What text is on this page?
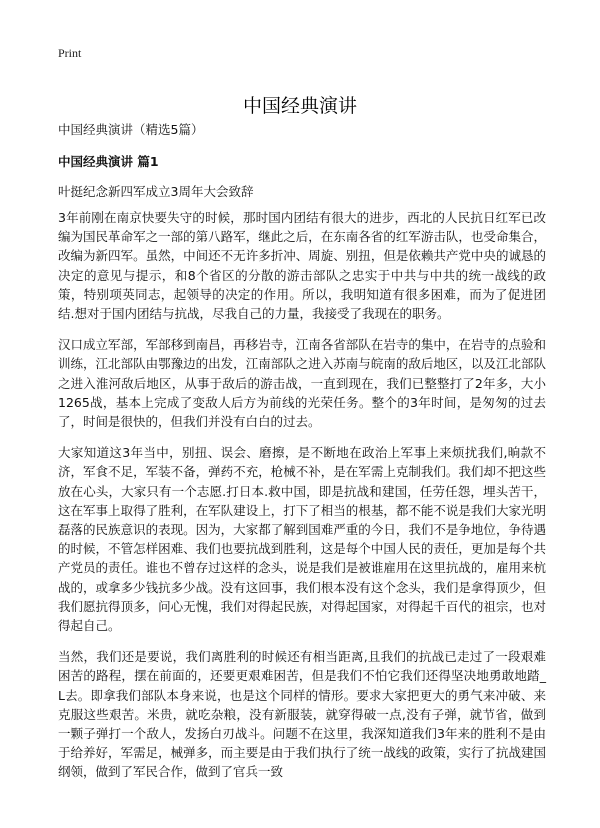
Print
中国经典演讲
中国经典演讲（精选5篇）
中国经典演讲 篇1
叶挺纪念新四军成立3周年大会致辞

3年前刚在南京快要失守的时候，那时国内团结有很大的进步，西北的人民抗日红军已改编为国民革命军之一部的第八路军，继此之后，在东南各省的红军游击队，也受命集合，改编为新四军。虽然，中间还不无许多折冲、周旋、别扭，但是依赖共产党中央的诚恳的决定的意见与提示，和8个省区的分散的游击部队之忠实于中共与中共的统一战线的政策，特别项英同志，起领导的决定的作用。所以，我明知道有很多困难，而为了促进团结.想对于国内团结与抗战，尽我自己的力量，我接受了我现在的职务。

汉口成立军部，军部移到南昌，再移岩寺，江南各省部队在岩寺的集中，在岩寺的点验和训练，江北部队由鄂豫边的出发，江南部队之进入苏南与皖南的敌后地区，以及江北部队之进入淮河敌后地区，从事于敌后的游击战，一直到现在，我们已整整打了2年多，大小1265战，基本上完成了变敌人后方为前线的光荣任务。整个的3年时间，是匆匆的过去了，时间是很快的，但我们并没有白白的过去。

大家知道这3年当中，别扭、误会、磨擦，是不断地在政治上军事上来烦扰我们,晌款不济，军食不足，军装不备，弹药不充，枪械不补，是在军需上克制我们。我们却不把这些放在心头，大家只有一个志愿.打日本.救中国，即是抗战和建国，任劳任怨，埋头苦干，这在军事上取得了胜利，在军队建设上，打下了相当的根基，都不能不说是我们大家光明磊落的民族意识的表现。因为，大家都了解到国难严重的今日，我们不是争地位，争待遇的时候，不管怎样困难、我们也要抗战到胜利，这是每个中国人民的责任，更加是每个共产党员的责任。谁也不曾存过这样的念头，说是我们是被谁雇用在这里抗战的，雇用来杭战的，或拿多少钱抗多少战。没有这回事，我们根本没有这个念头，我们是拿得顶少，但我们愿抗得顶多，问心无愧，我们对得起民族，对得起国家，对得起千百代的祖宗，也对得起自己。

当然，我们还是要说，我们离胜利的时候还有相当距离,且我们的抗战已走过了一段艰难困苦的路程，摆在前面的，还要更艰难困苦，但是我们不怕它我们还得坚决地勇敢地踏_L去。即拿我们部队本身来说，也是这个同样的情形。要求大家把更大的勇气来冲破、来克服这些艰苦。米贵，就吃杂粮，没有新服装，就穿得破一点,没有子弹，就节省，做到一颗子弹打一个敌人，发扬白刃战斗。问题不在这里，我深知道我们3年来的胜利不是由于给养好，军需足，械弹多，而主要是由于我们执行了统一战线的政策，实行了抗战建国纲领，做到了军民合作，做到了官兵一致
